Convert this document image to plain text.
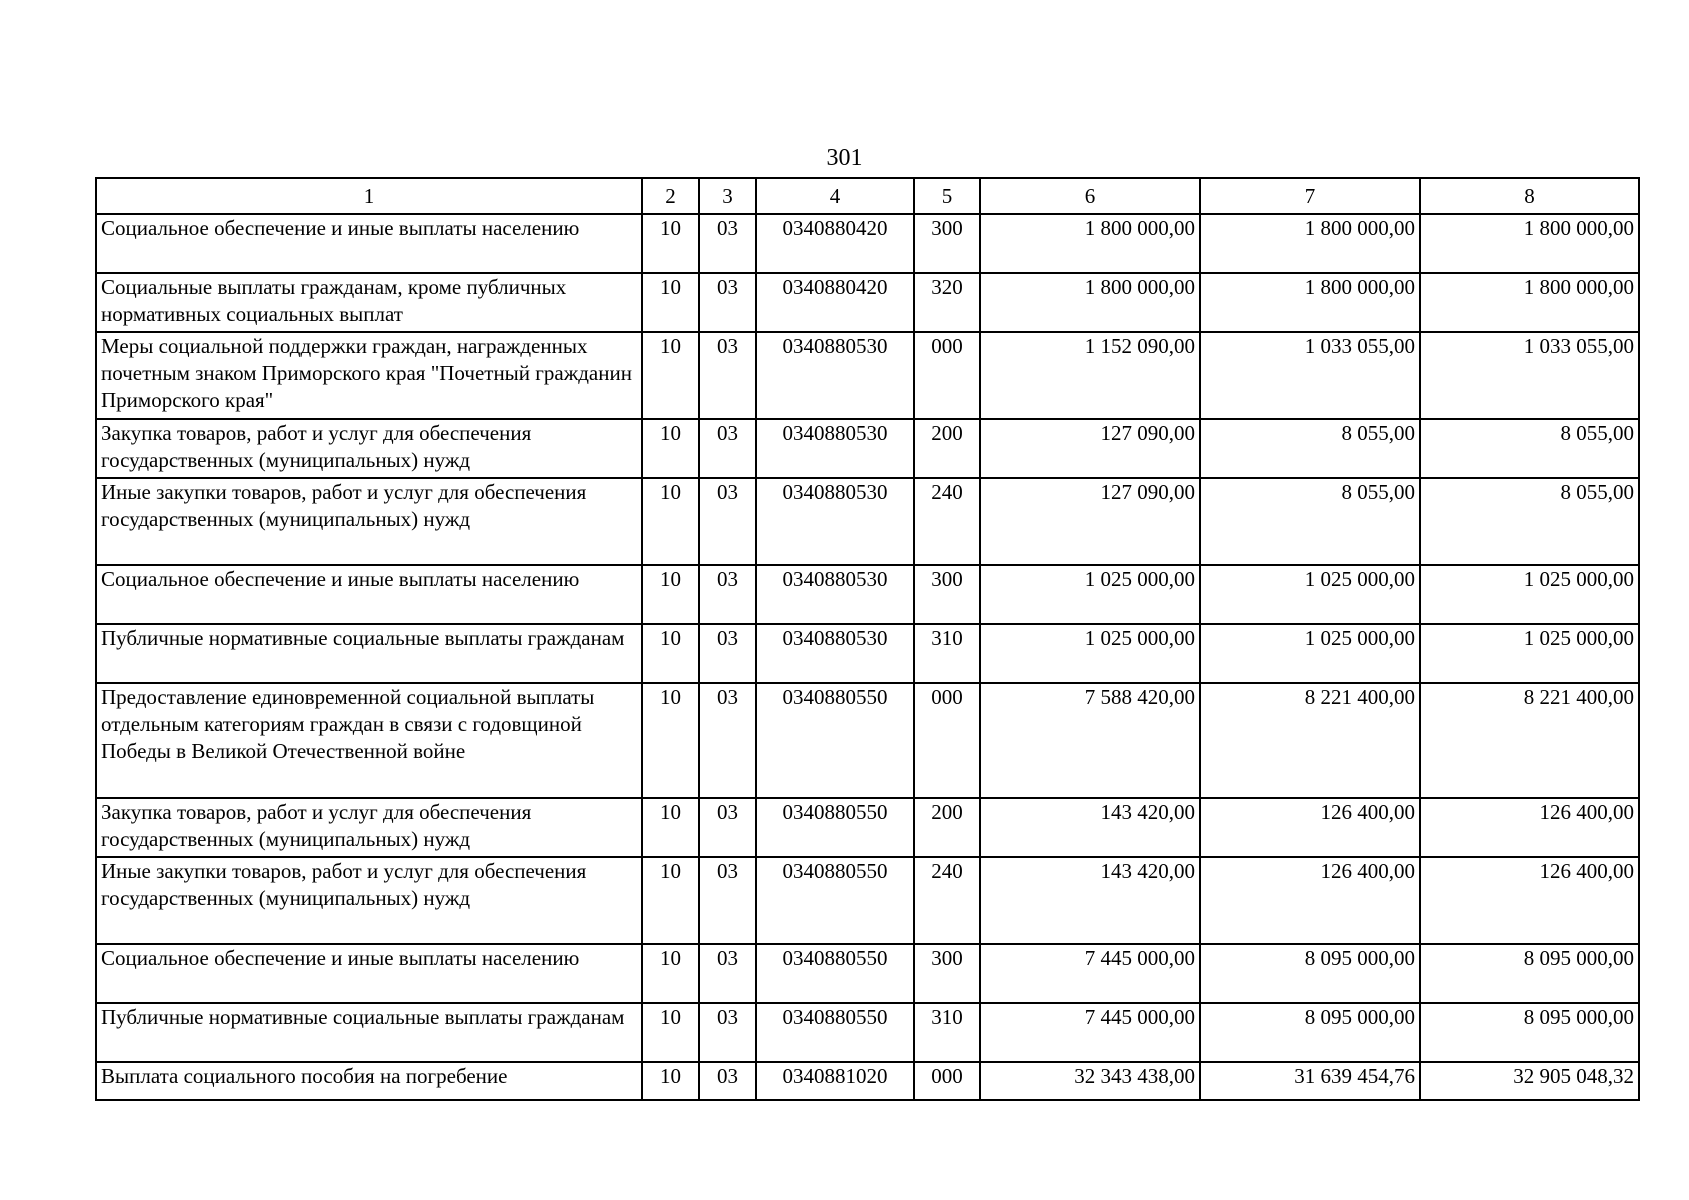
301
1	2	3	4	5	6	7	8
Социальное обеспечение и иные выплаты населению	10	03	0340880420	300	1 800 000,00	1 800 000,00	1 800 000,00
Социальные выплаты гражданам, кроме публичных нормативных социальных выплат	10	03	0340880420	320	1 800 000,00	1 800 000,00	1 800 000,00
Меры социальной поддержки граждан, награжденных почетным знаком Приморского края "Почетный гражданин Приморского края"	10	03	0340880530	000	1 152 090,00	1 033 055,00	1 033 055,00
Закупка товаров, работ и услуг для обеспечения государственных (муниципальных) нужд	10	03	0340880530	200	127 090,00	8 055,00	8 055,00
Иные закупки товаров, работ и услуг для обеспечения государственных (муниципальных) нужд	10	03	0340880530	240	127 090,00	8 055,00	8 055,00
Социальное обеспечение и иные выплаты населению	10	03	0340880530	300	1 025 000,00	1 025 000,00	1 025 000,00
Публичные нормативные социальные выплаты гражданам	10	03	0340880530	310	1 025 000,00	1 025 000,00	1 025 000,00
Предоставление единовременной социальной выплаты отдельным категориям граждан в связи с годовщиной Победы в Великой Отечественной войне	10	03	0340880550	000	7 588 420,00	8 221 400,00	8 221 400,00
Закупка товаров, работ и услуг для обеспечения государственных (муниципальных) нужд	10	03	0340880550	200	143 420,00	126 400,00	126 400,00
Иные закупки товаров, работ и услуг для обеспечения государственных (муниципальных) нужд	10	03	0340880550	240	143 420,00	126 400,00	126 400,00
Социальное обеспечение и иные выплаты населению	10	03	0340880550	300	7 445 000,00	8 095 000,00	8 095 000,00
Публичные нормативные социальные выплаты гражданам	10	03	0340880550	310	7 445 000,00	8 095 000,00	8 095 000,00
Выплата социального пособия на погребение	10	03	0340881020	000	32 343 438,00	31 639 454,76	32 905 048,32
